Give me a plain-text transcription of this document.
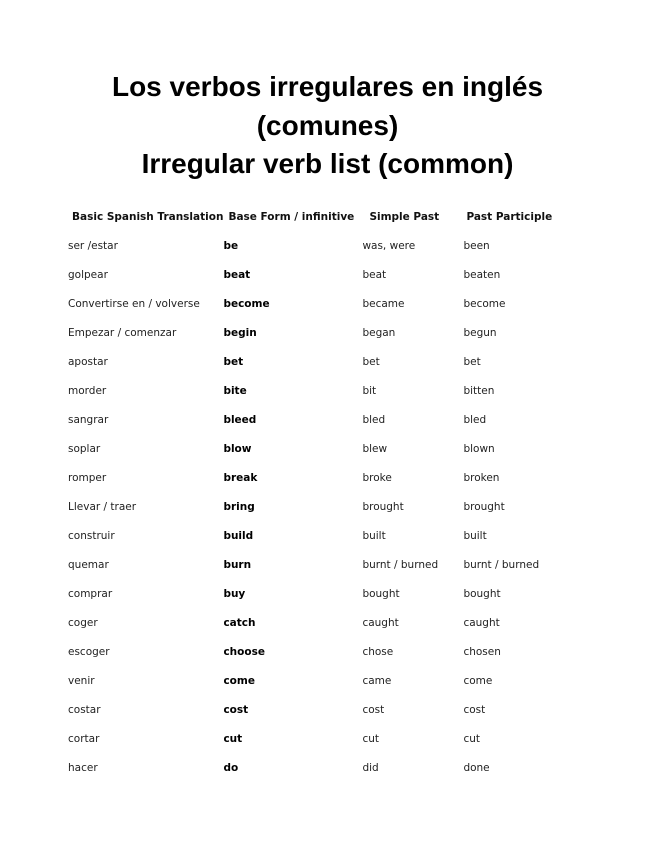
Los verbos irregulares en inglés
(comunes)
Irregular verb list (common)
Basic Spanish Translation	Base Form / infinitive	Simple Past	Past Participle
ser /estar	be	was, were	been
golpear	beat	beat	beaten
Convertirse en / volverse	become	became	become
Empezar / comenzar	begin	began	begun
apostar	bet	bet	bet
morder	bite	bit	bitten
sangrar	bleed	bled	bled
soplar	blow	blew	blown
romper	break	broke	broken
Llevar / traer	bring	brought	brought
construir	build	built	built
quemar	burn	burnt / burned	burnt / burned
comprar	buy	bought	bought
coger	catch	caught	caught
escoger	choose	chose	chosen
venir	come	came	come
costar	cost	cost	cost
cortar	cut	cut	cut
hacer	do	did	done
